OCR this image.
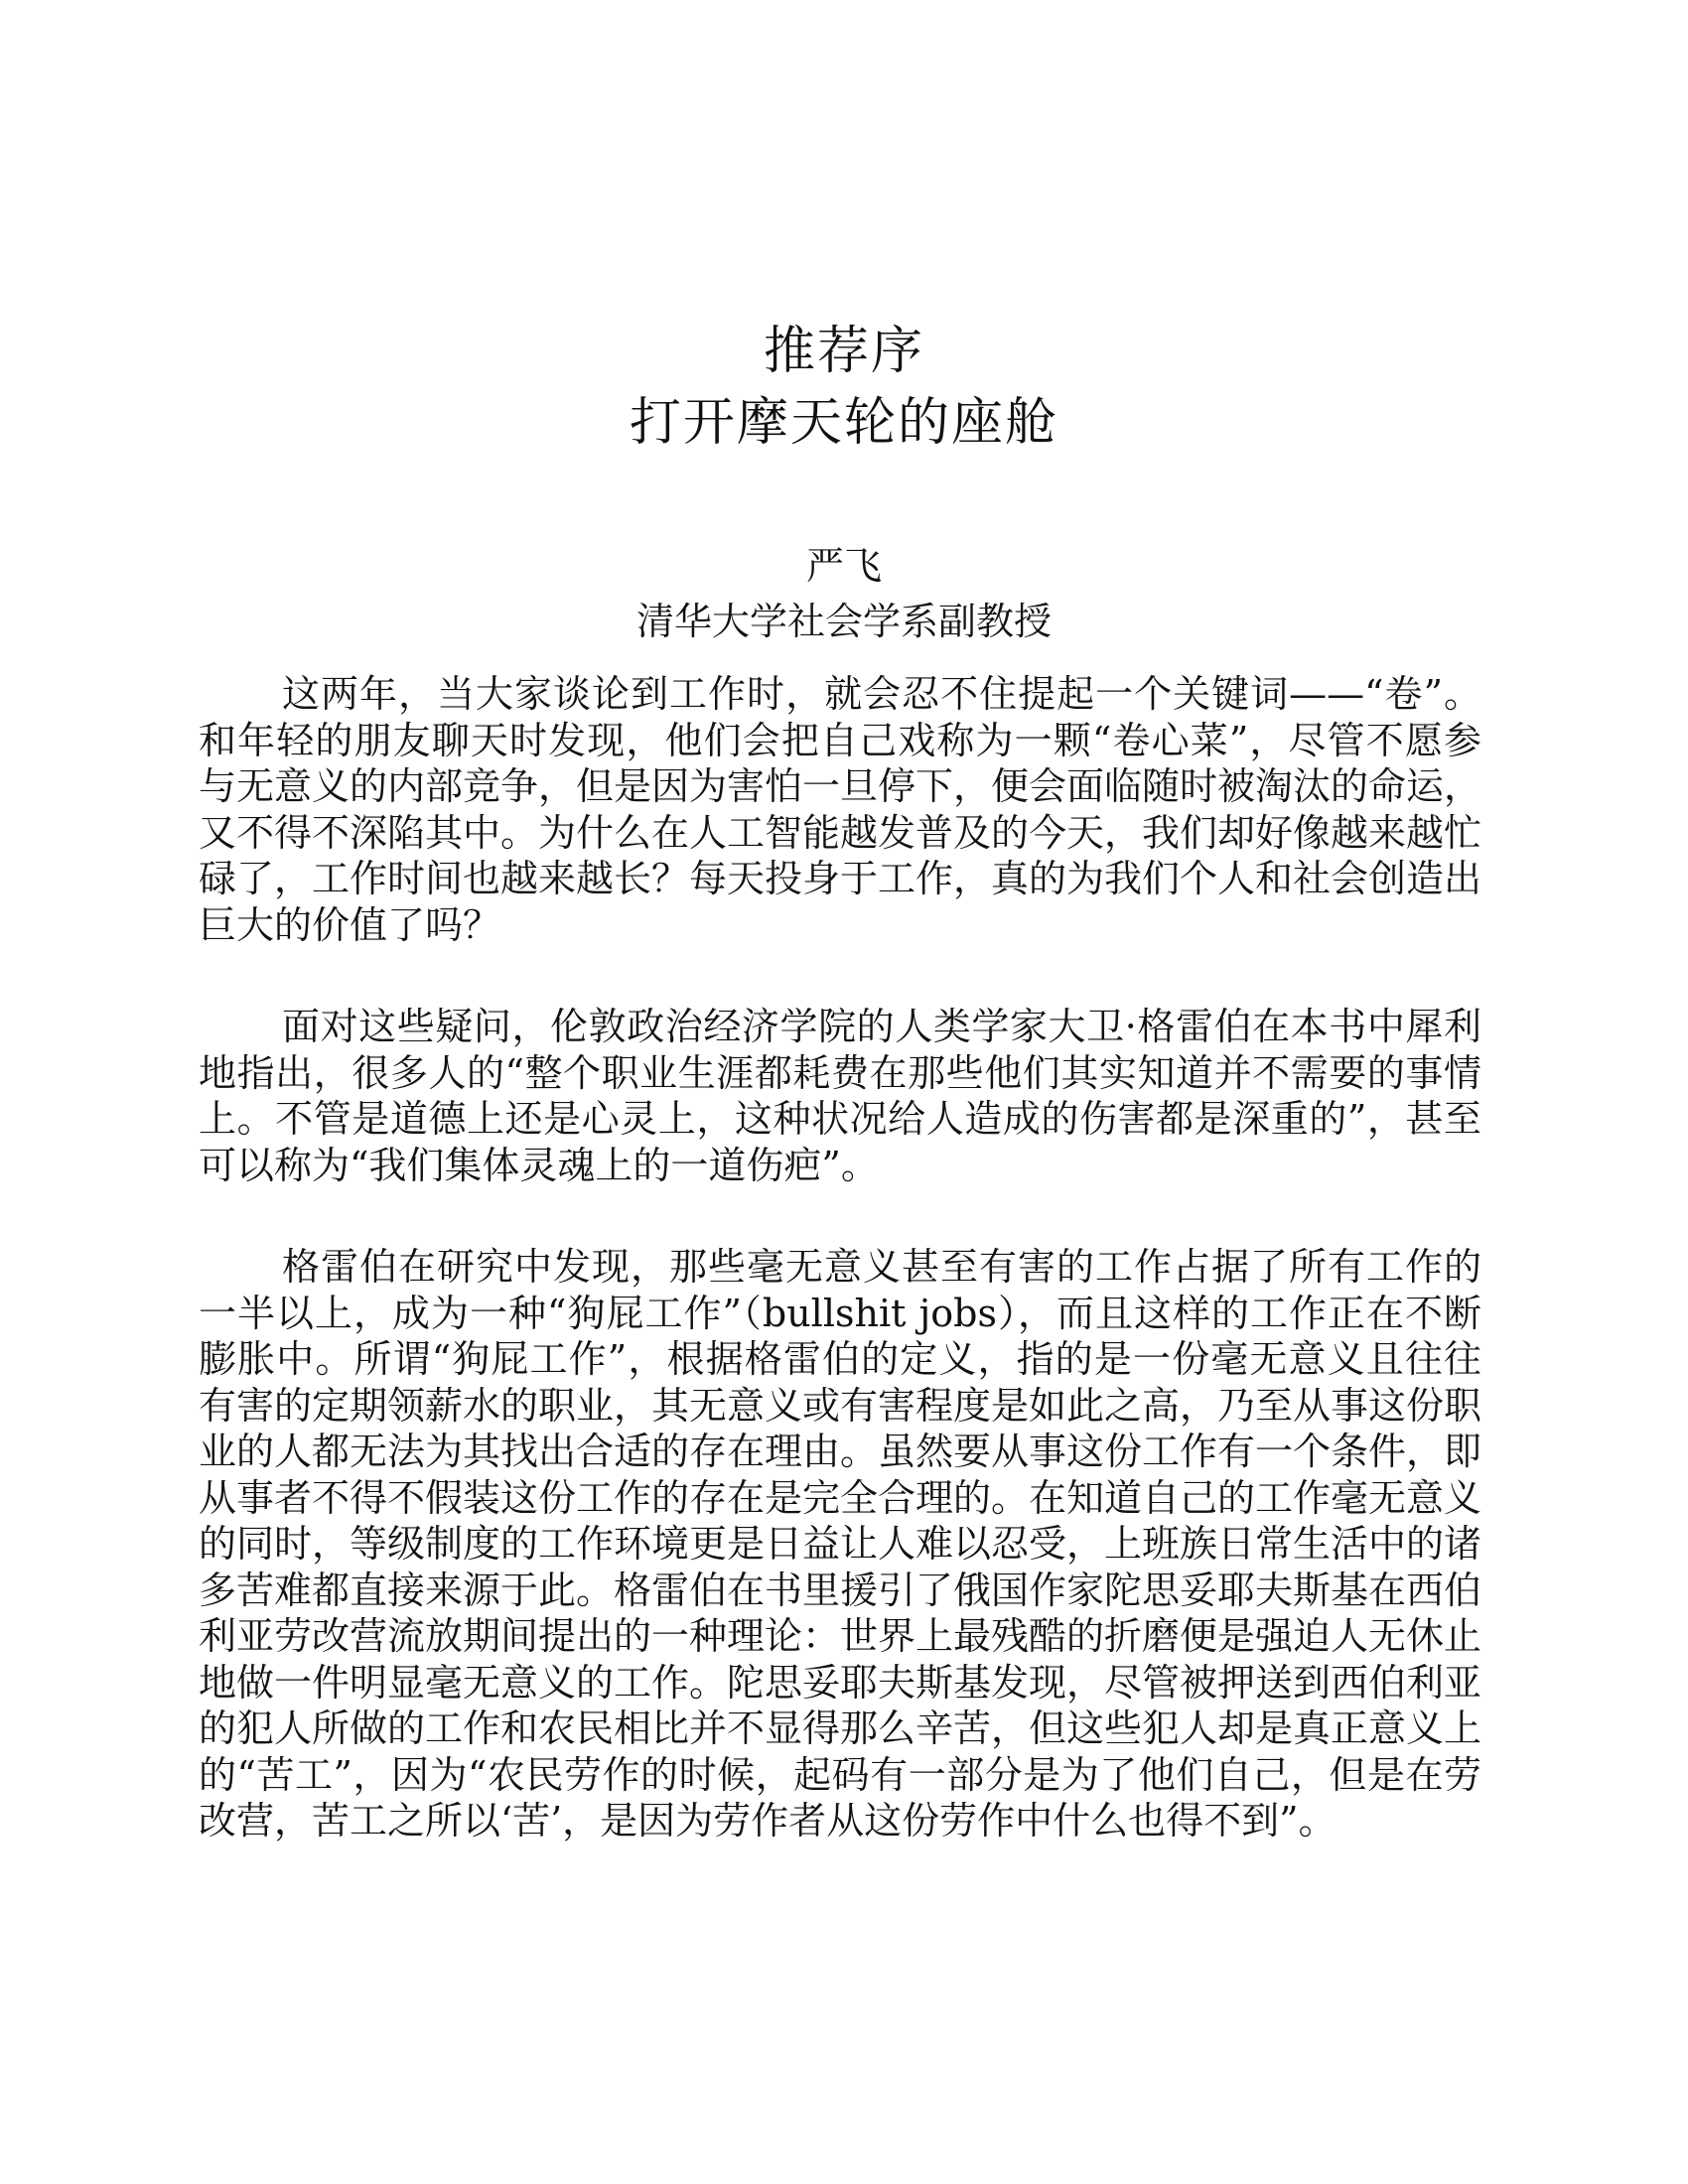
推荐序
打开摩天轮的座舱
严飞
清华大学社会学系副教授

这两年，当大家谈论到工作时，就会忍不住提起一个关键词——“卷”。和年轻的朋友聊天时发现，他们会把自己戏称为一颗“卷心菜”，尽管不愿参与无意义的内部竞争，但是因为害怕一旦停下，便会面临随时被淘汰的命运，又不得不深陷其中。为什么在人工智能越发普及的今天，我们却好像越来越忙碌了，工作时间也越来越长？每天投身于工作，真的为我们个人和社会创造出巨大的价值了吗？

面对这些疑问，伦敦政治经济学院的人类学家大卫·格雷伯在本书中犀利地指出，很多人的“整个职业生涯都耗费在那些他们其实知道并不需要的事情上。不管是道德上还是心灵上，这种状况给人造成的伤害都是深重的”，甚至可以称为“我们集体灵魂上的一道伤疤”。

格雷伯在研究中发现，那些毫无意义甚至有害的工作占据了所有工作的一半以上，成为一种“狗屁工作”（bullshit jobs），而且这样的工作正在不断膨胀中。所谓“狗屁工作”，根据格雷伯的定义，指的是一份毫无意义且往往有害的定期领薪水的职业，其无意义或有害程度是如此之高，乃至从事这份职业的人都无法为其找出合适的存在理由。虽然要从事这份工作有一个条件，即从事者不得不假装这份工作的存在是完全合理的。在知道自己的工作毫无意义的同时，等级制度的工作环境更是日益让人难以忍受，上班族日常生活中的诸多苦难都直接来源于此。格雷伯在书里援引了俄国作家陀思妥耶夫斯基在西伯利亚劳改营流放期间提出的一种理论：世界上最残酷的折磨便是强迫人无休止地做一件明显毫无意义的工作。陀思妥耶夫斯基发现，尽管被押送到西伯利亚的犯人所做的工作和农民相比并不显得那么辛苦，但这些犯人却是真正意义上的“苦工”，因为“农民劳作的时候，起码有一部分是为了他们自己，但是在劳改营，苦工之所以‘苦’，是因为劳作者从这份劳作中什么也得不到”。
